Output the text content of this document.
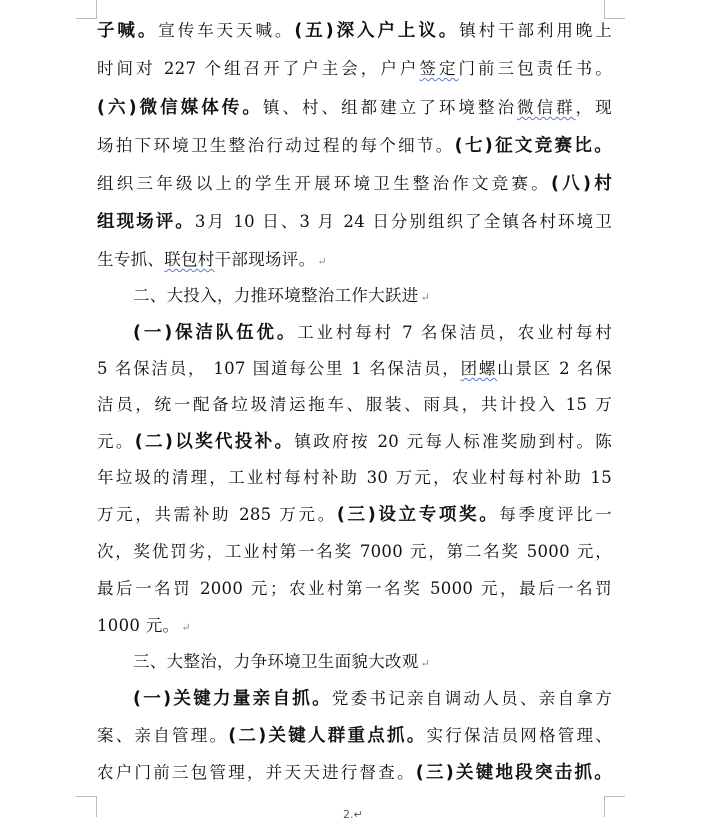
子喊。宣传车天天喊。(五)深入户上议。镇村干部利用晚上
时间对 227 个组召开了户主会，户户签定门前三包责任书。
(六)微信媒体传。镇、村、组都建立了环境整治微信群，现
场拍下环境卫生整治行动过程的每个细节。(七)征文竞赛比。
组织三年级以上的学生开展环境卫生整治作文竞赛。(八)村
组现场评。3月 10 日、3 月 24 日分别组织了全镇各村环境卫
生专抓、联包村干部现场评。 ↵
二、大投入，力推环境整治工作大跃进 ↵
(一)保洁队伍优。工业村每村 7 名保洁员，农业村每村
5 名保洁员， 107 国道每公里 1 名保洁员，团螺山景区 2 名保
洁员，统一配备垃圾清运拖车、服装、雨具，共计投入 15 万
元。(二)以奖代投补。镇政府按 20 元每人标准奖励到村。陈
年垃圾的清理，工业村每村补助 30 万元，农业村每村补助 15
万元，共需补助 285 万元。(三)设立专项奖。每季度评比一
次，奖优罚劣，工业村第一名奖 7000 元，第二名奖 5000 元，
最后一名罚 2000 元；农业村第一名奖 5000 元，最后一名罚
1000 元。 ↵
三、大整治，力争环境卫生面貌大改观 ↵
(一)关键力量亲自抓。党委书记亲自调动人员、亲自拿方
案、亲自管理。(二)关键人群重点抓。实行保洁员网格管理、
农户门前三包管理，并天天进行督查。(三)关键地段突击抓。
2.↵
